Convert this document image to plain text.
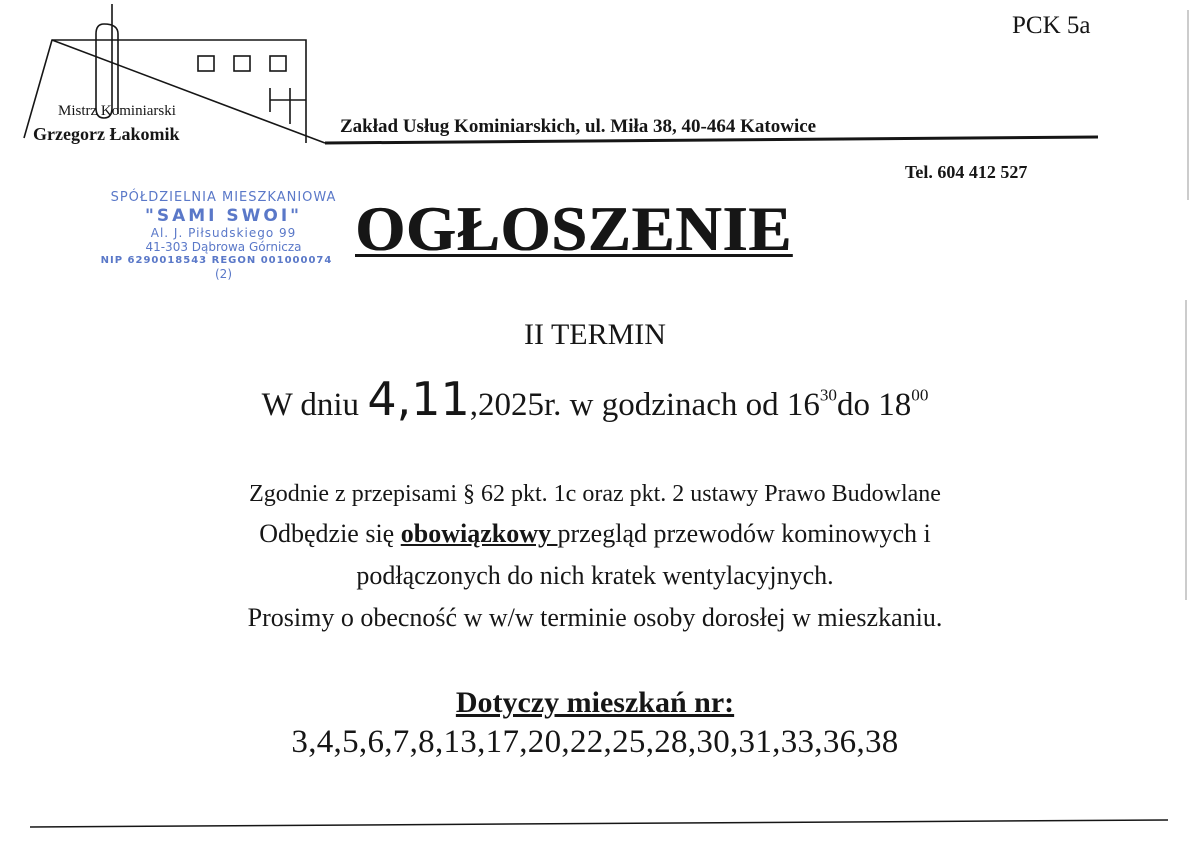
PCK 5a
Mistrz Kominiarski
Grzegorz Łakomik	Zakład Usług Kominiarskich, ul. Miła 38, 40-464 Katowice
Tel. 604 412 527
SPÓŁDZIELNIA MIESZKANIOWA
"SAMI SWOI"
Al. J. Piłsudskiego 99
41-303 Dąbrowa Górnicza
NIP 6290018543 REGON 001000074
(2)
OGŁOSZENIE
II TERMIN
W dniu 4,11,2025r. w godzinach od $16^{30}do$ $18^{00}$
Zgodnie z przepisami § 62 pkt. 1c oraz pkt. 2 ustawy Prawo Budowlane
Odbędzie się obowiązkowy przegląd przewodów kominowych i
podłączonych do nich kratek wentylacyjnych.
Prosimy o obecność w w/w terminie osoby dorosłej w mieszkaniu.
Dotyczy mieszkań nr:
3,4,5,6,7,8,13,17,20,22,25,28,30,31,33,36,38
